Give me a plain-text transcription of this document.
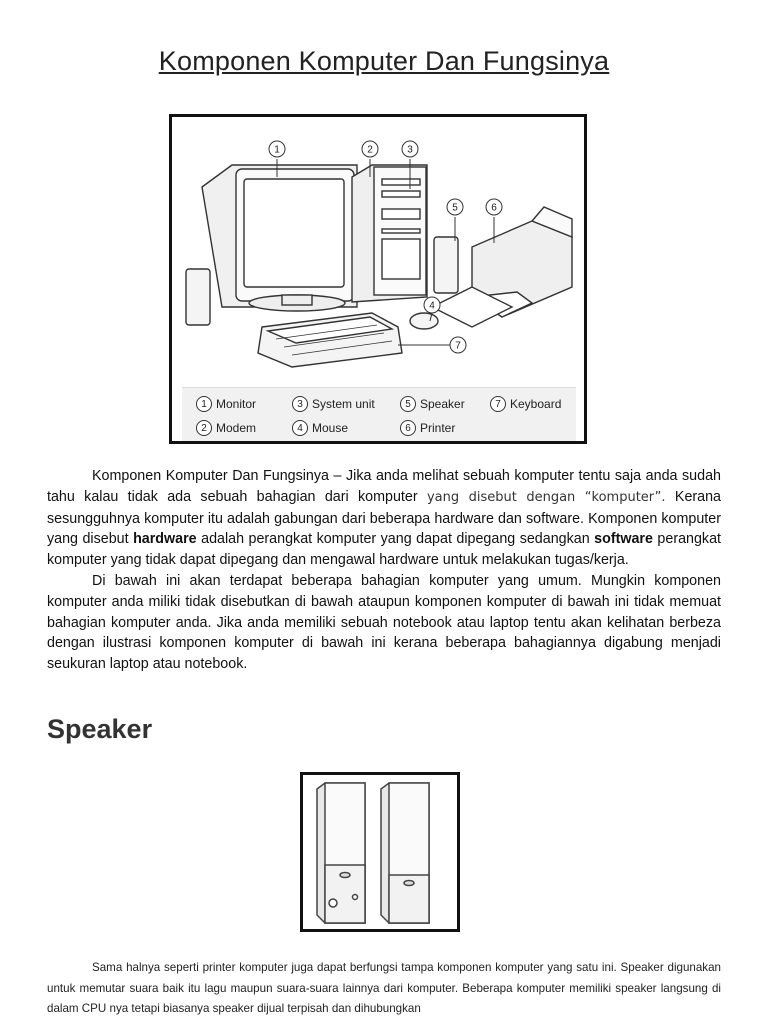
Komponen Komputer Dan Fungsinya
1	2	3
4
5	6
7
1 Monitor	3 System unit	5 Speaker	7 Keyboard
2 Modem	4 Mouse	6 Printer

Komponen Komputer Dan Fungsinya – Jika anda melihat sebuah komputer tentu saja anda sudah tahu kalau tidak ada sebuah bahagian dari komputer yang disebut dengan “komputer”. Kerana sesungguhnya komputer itu adalah gabungan dari beberapa hardware dan software. Komponen komputer yang disebut hardware adalah perangkat komputer yang dapat dipegang sedangkan software perangkat komputer yang tidak dapat dipegang dan mengawal hardware untuk melakukan tugas/kerja.

Di bawah ini akan terdapat beberapa bahagian komputer yang umum. Mungkin komponen komputer anda miliki tidak disebutkan di bawah ataupun komponen komputer di bawah ini tidak memuat bahagian komputer anda. Jika anda memiliki sebuah notebook atau laptop tentu akan kelihatan berbeza dengan ilustrasi komponen komputer di bawah ini kerana beberapa bahagiannya digabung menjadi seukuran laptop atau notebook.

Speaker

Sama halnya seperti printer komputer juga dapat berfungsi tampa komponen komputer yang satu ini. Speaker digunakan untuk memutar suara baik itu lagu maupun suara-suara lainnya dari komputer. Beberapa komputer memiliki speaker langsung di dalam CPU nya tetapi biasanya speaker dijual terpisah dan dihubungkan
